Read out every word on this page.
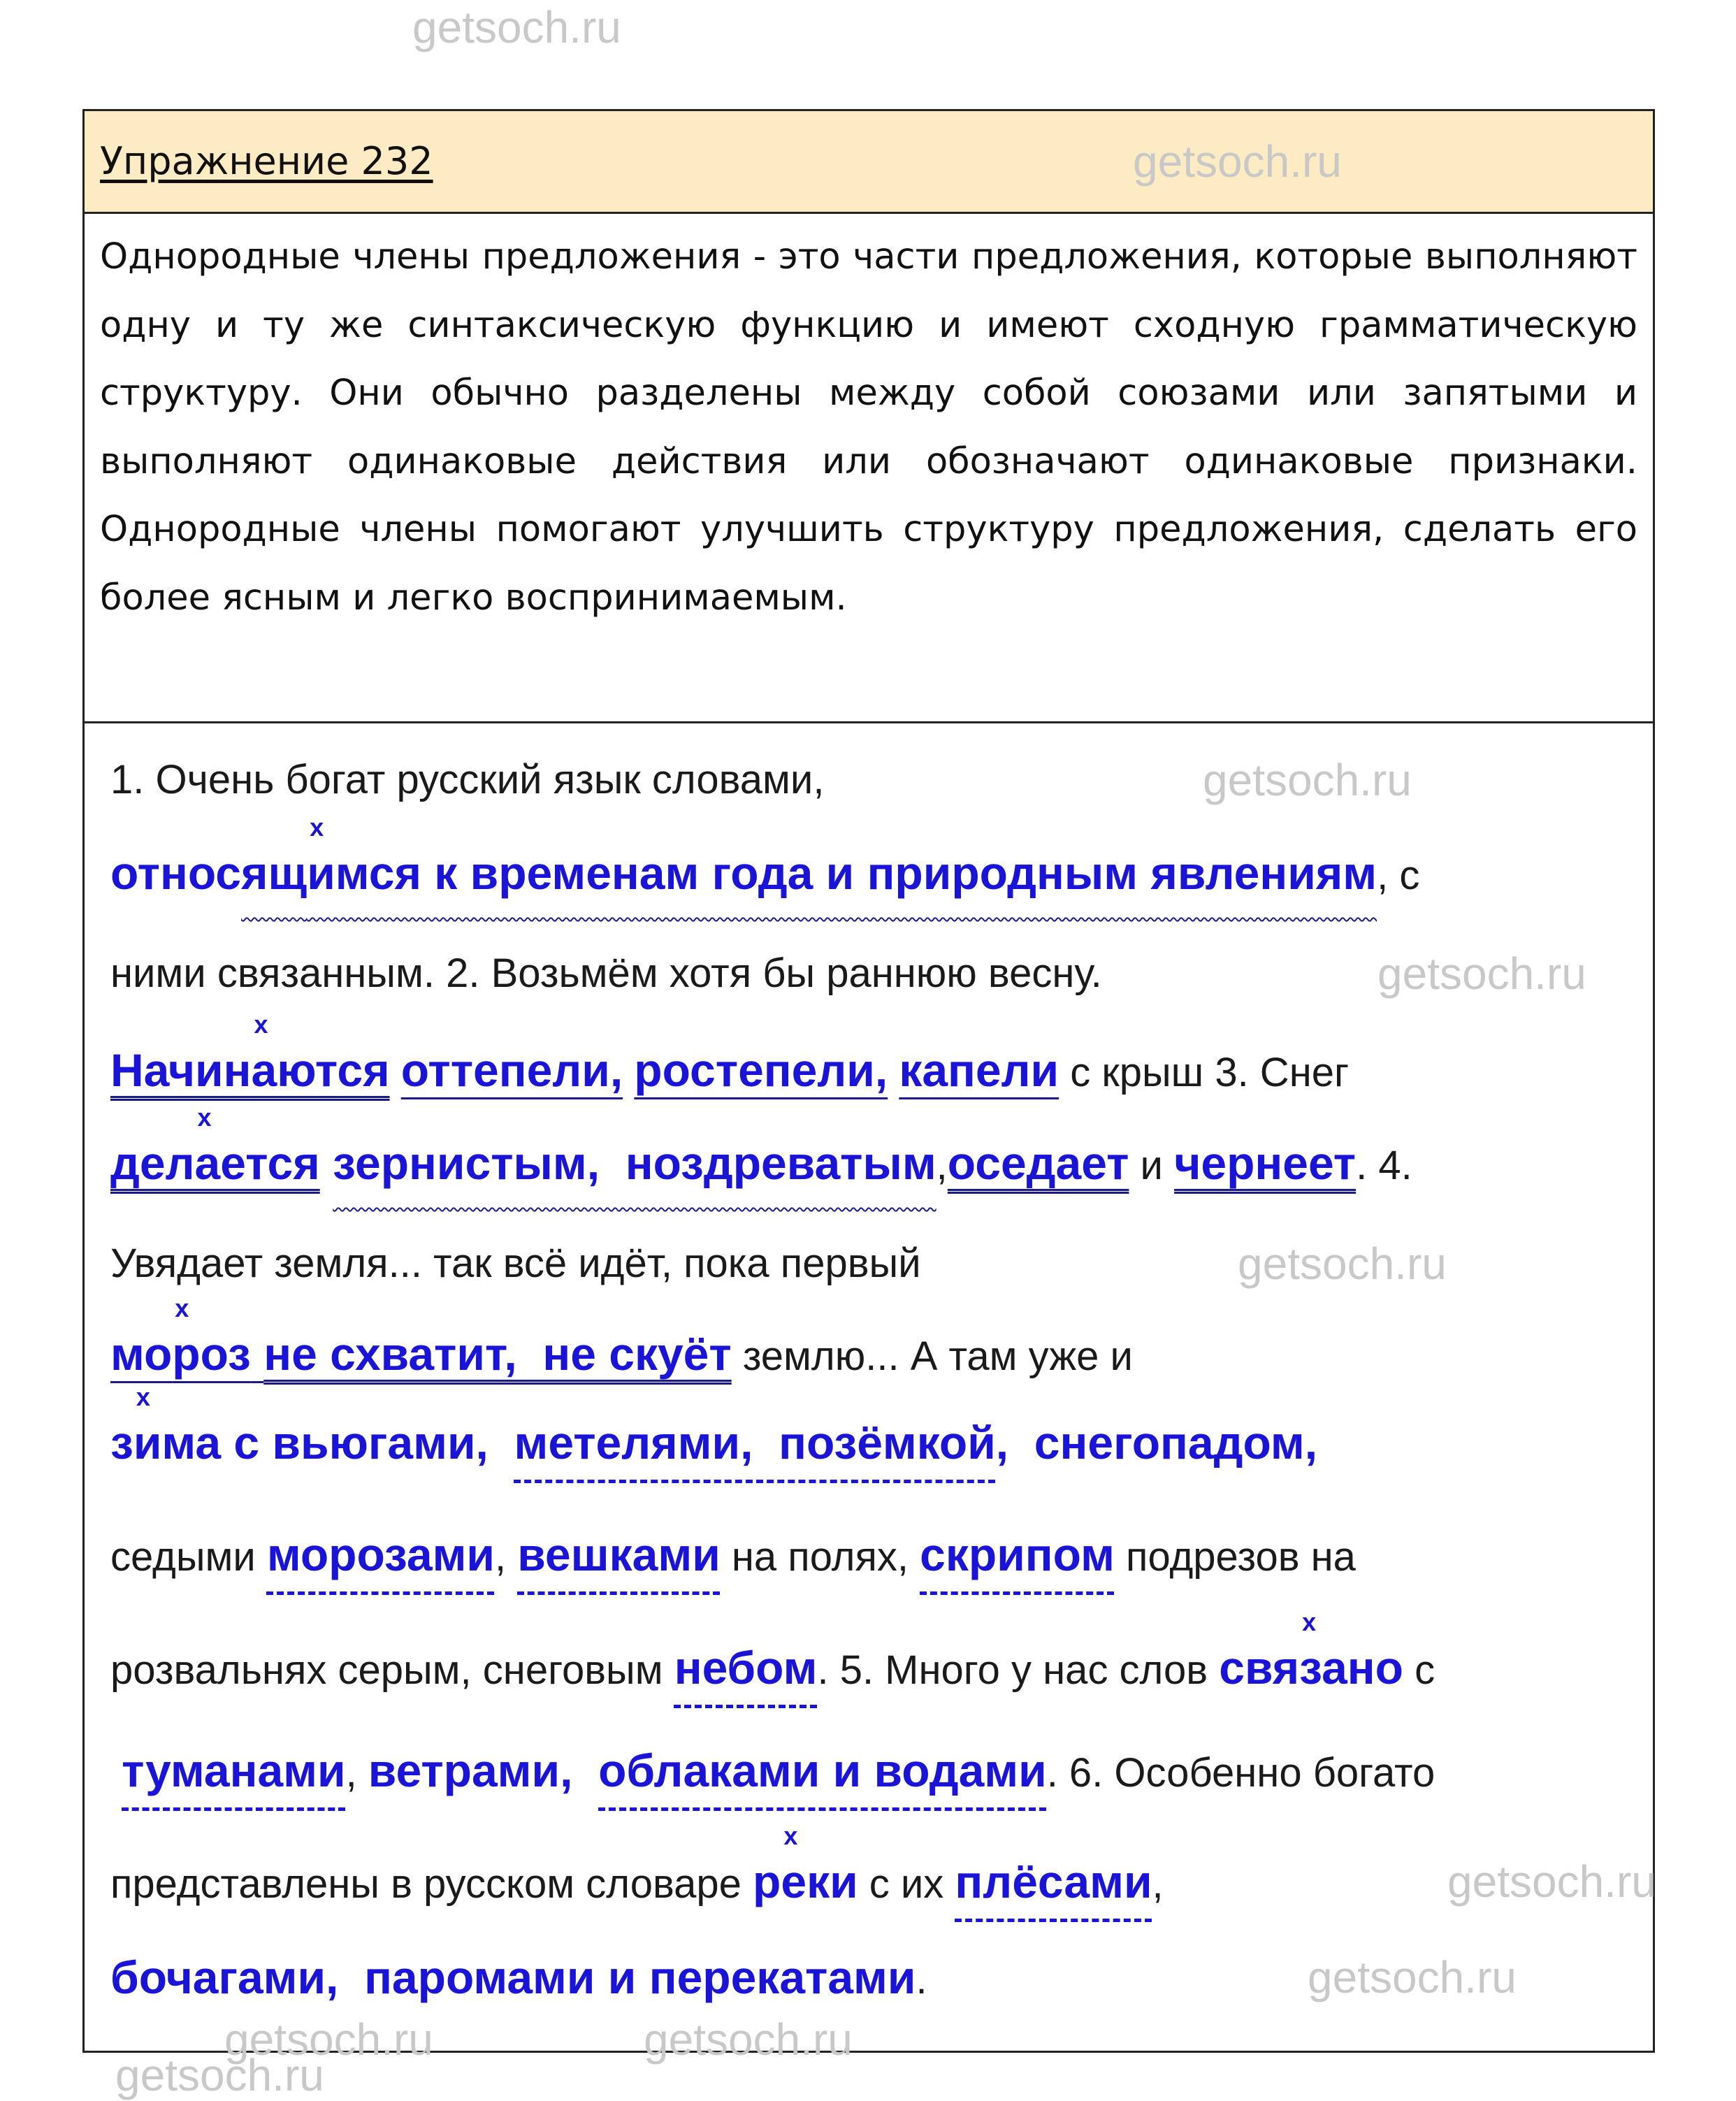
getsoch.ru
Упражнение 232	getsoch.ru
Однородные члены предложения - это части предложения, которые выполняют одну и ту же синтаксическую функцию и имеют сходную грамматическую структуру. Они обычно разделены между собой союзами или запятыми и выполняют одинаковые действия или обозначают одинаковые признаки. Однородные члены помогают улучшить структуру предложения, сделать его более ясным и легко воспринимаемым.
1. Очень богат русский язык словами,
относящимся к временам года и природным явлениям
x
, с
ними связанным. 2. Возьмём хотя бы раннюю весну.
Начинаются
x
оттепели, ростепели, капели с крыш 3. Снег
делается
x
зернистым,  ноздреватым,оседает и чернеет. 4.
Увядает земля... так всё идёт, пока первый
мороз
x
не схватит,  не скуёт землю... А там уже и
зима с вьюгами,
x
метелями,  позёмкой,  снегопадом,
седыми морозами, вешками на полях, скрипом подрезов на
розвальнях серым, снеговым небом. 5. Много у нас слов связано
x
с
туманами, ветрами,  облаками и водами. 6. Особенно богато
представлены в русском словаре реки
x
с их плёсами,
бочагами,  паромами и перекатами.
getsoch.ru
getsoch.ru
getsoch.ru
getsoch.ru
getsoch.ru
getsoch.ru
getsoch.ru
getsoch.ru
